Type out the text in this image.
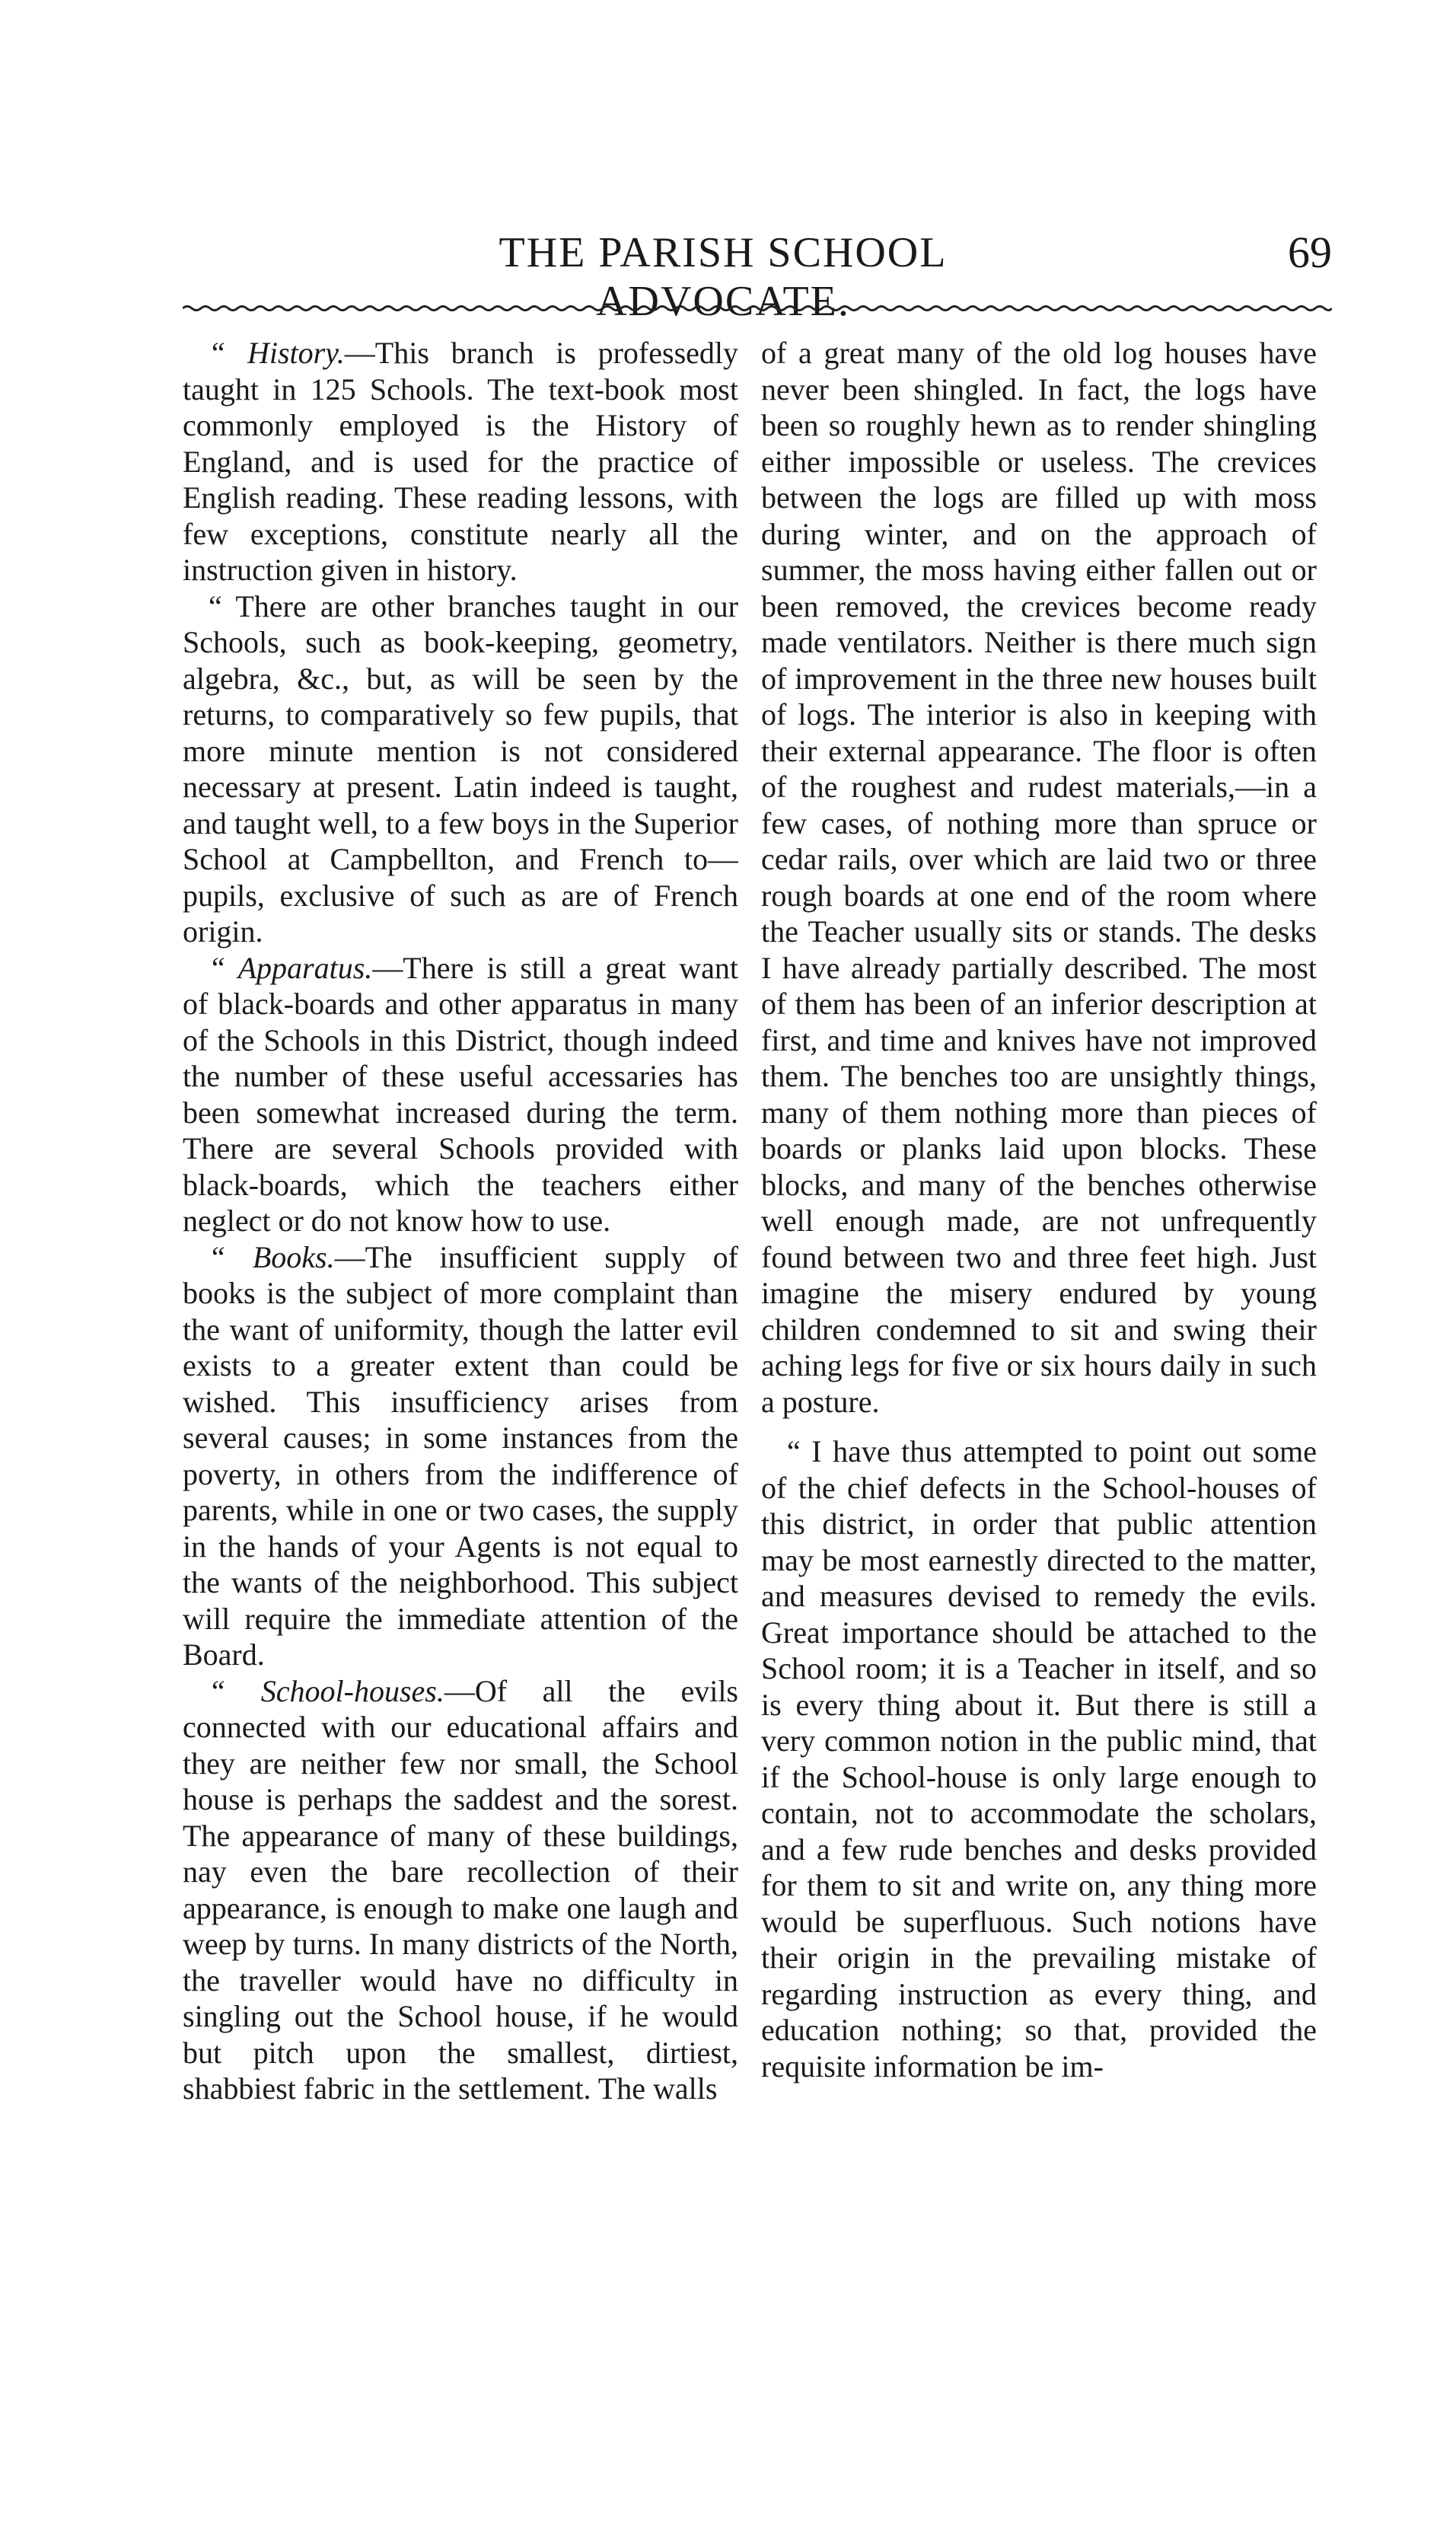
THE PARISH SCHOOL ADVOCATE.
69

“ History.—This branch is professedly taught in 125 Schools. The text-book most commonly employed is the History of England, and is used for the practice of English reading. These reading lessons, with few exceptions, constitute nearly all the instruction given in history.

“ There are other branches taught in our Schools, such as book-keeping, geometry, algebra, &c., but, as will be seen by the returns, to comparatively so few pupils, that more minute mention is not considered necessary at present. Latin indeed is taught, and taught well, to a few boys in the Superior School at Campbellton, and French to—pupils, exclusive of such as are of French origin.

“ Apparatus.—There is still a great want of black-boards and other apparatus in many of the Schools in this District, though indeed the number of these useful accessaries has been somewhat increased during the term. There are several Schools provided with black-boards, which the teachers either neglect or do not know how to use.

“ Books.—The insufficient supply of books is the subject of more complaint than the want of uniformity, though the latter evil exists to a greater extent than could be wished. This insufficiency arises from several causes; in some instances from the poverty, in others from the indifference of parents, while in one or two cases, the supply in the hands of your Agents is not equal to the wants of the neighborhood. This subject will require the immediate attention of the Board.

“ School-houses.—Of all the evils connected with our educational affairs and they are neither few nor small, the School house is perhaps the saddest and the sorest. The appearance of many of these buildings, nay even the bare recollection of their appearance, is enough to make one laugh and weep by turns. In many districts of the North, the traveller would have no difficulty in singling out the School house, if he would but pitch upon the smallest, dirtiest, shabbiest fabric in the settlement. The walls

of a great many of the old log houses have never been shingled. In fact, the logs have been so roughly hewn as to render shingling either impossible or useless. The crevices between the logs are filled up with moss during winter, and on the approach of summer, the moss having either fallen out or been removed, the crevices become ready made ventilators. Neither is there much sign of improvement in the three new houses built of logs. The interior is also in keeping with their external appearance. The floor is often of the roughest and rudest materials,—in a few cases, of nothing more than spruce or cedar rails, over which are laid two or three rough boards at one end of the room where the Teacher usually sits or stands. The desks I have already partially described. The most of them has been of an inferior description at first, and time and knives have not improved them. The benches too are unsightly things, many of them nothing more than pieces of boards or planks laid upon blocks. These blocks, and many of the benches otherwise well enough made, are not unfrequently found between two and three feet high. Just imagine the misery endured by young children condemned to sit and swing their aching legs for five or six hours daily in such a posture.

“ I have thus attempted to point out some of the chief defects in the School-houses of this district, in order that public attention may be most earnestly directed to the matter, and measures devised to remedy the evils. Great importance should be attached to the School room; it is a Teacher in itself, and so is every thing about it. But there is still a very common notion in the public mind, that if the School-house is only large enough to contain, not to accommodate the scholars, and a few rude benches and desks provided for them to sit and write on, any thing more would be superfluous. Such notions have their origin in the prevailing mistake of regarding instruction as every thing, and education nothing; so that, provided the requisite information be im-
